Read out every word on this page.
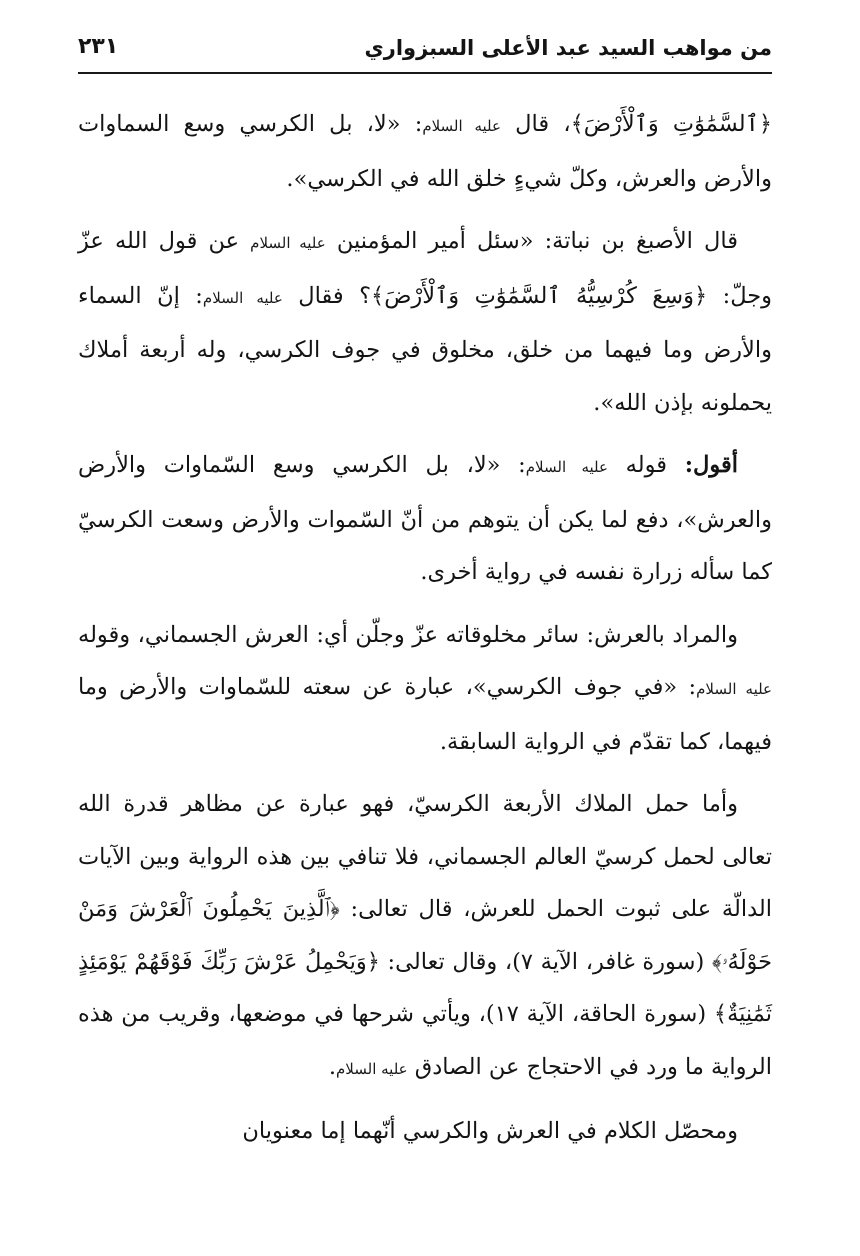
من مواهب السيد عبد الأعلى السبزواري
٢٣١

﴿ٱلسَّمَٰوَٰتِ وَٱلْأَرْضَ﴾، قال عليه السلام: «لا، بل الكرسي وسع السماوات والأرض والعرش، وكلّ شيءٍ خلق الله في الكرسي».

قال الأصبغ بن نباتة: «سئل أمير المؤمنين عليه السلام عن قول الله عزّ وجلّ: ﴿وَسِعَ كُرْسِيُّهُ ٱلسَّمَٰوَٰتِ وَٱلْأَرْضَ﴾؟ فقال عليه السلام: إنّ السماء والأرض وما فيهما من خلق، مخلوق في جوف الكرسي، وله أربعة أملاك يحملونه بإذن الله».

أقول: قوله عليه السلام: «لا، بل الكرسي وسع السّماوات والأرض والعرش»، دفع لما يكن أن يتوهم من أنّ السّموات والأرض وسعت الكرسيّ كما سأله زرارة نفسه في رواية أخرى.

والمراد بالعرش: سائر مخلوقاته عزّ وجلّن أي: العرش الجسماني، وقوله عليه السلام: «في جوف الكرسي»، عبارة عن سعته للسّماوات والأرض وما فيهما، كما تقدّم في الرواية السابقة.

وأما حمل الملاك الأربعة الكرسيّ، فهو عبارة عن مظاهر قدرة الله تعالى لحمل كرسيّ العالم الجسماني، فلا تنافي بين هذه الرواية وبين الآيات الدالّة على ثبوت الحمل للعرش، قال تعالى: ﴿ٱلَّذِينَ يَحْمِلُونَ ٱلْعَرْشَ وَمَنْ حَوْلَهُۥ﴾ (سورة غافر، الآية ٧)، وقال تعالى: ﴿وَيَحْمِلُ عَرْشَ رَبِّكَ فَوْقَهُمْ يَوْمَئِذٍ ثَمَٰنِيَةٌ﴾ (سورة الحاقة، الآية ١٧)، ويأتي شرحها في موضعها، وقريب من هذه الرواية ما ورد في الاحتجاج عن الصادق عليه السلام.

ومحصّل الكلام في العرش والكرسي أنّهما إما معنويان
